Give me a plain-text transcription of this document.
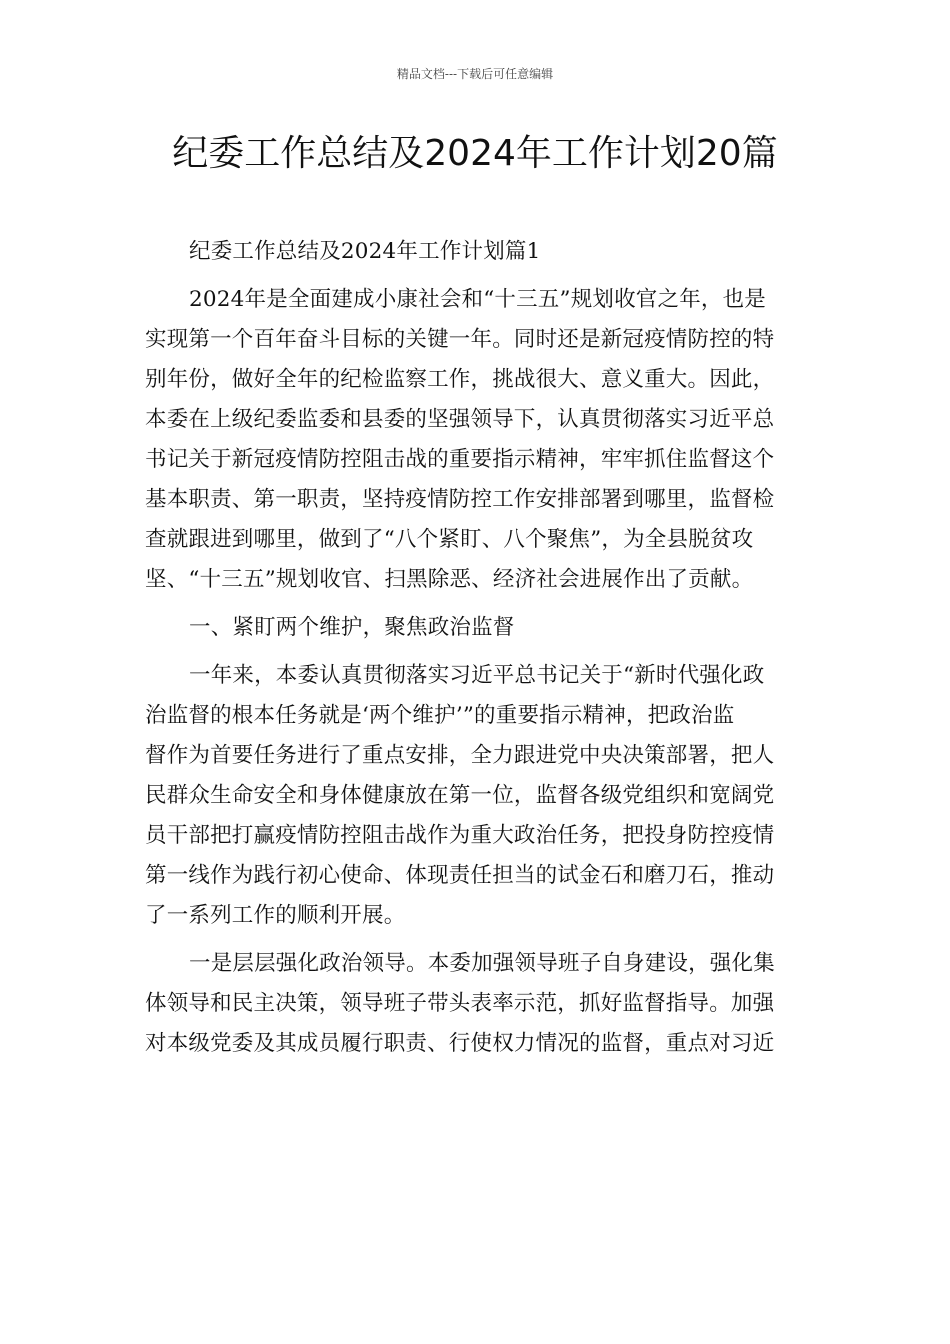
精品文档---下载后可任意编辑
纪委工作总结及2024年工作计划20篇

纪委工作总结及2024年工作计划篇1

2024年是全面建成小康社会和“十三五”规划收官之年，也是
实现第一个百年奋斗目标的关键一年。同时还是新冠疫情防控的特
别年份，做好全年的纪检监察工作，挑战很大、意义重大。因此，
本委在上级纪委监委和县委的坚强领导下，认真贯彻落实习近平总
书记关于新冠疫情防控阻击战的重要指示精神，牢牢抓住监督这个
基本职责、第一职责，坚持疫情防控工作安排部署到哪里，监督检
查就跟进到哪里，做到了“八个紧盯、八个聚焦”，为全县脱贫攻
坚、“十三五”规划收官、扫黑除恶、经济社会进展作出了贡献。

一、紧盯两个维护，聚焦政治监督

一年来，本委认真贯彻落实习近平总书记关于“新时代强化政
治监督的根本任务就是‘两个维护’”的重要指示精神，把政治监
督作为首要任务进行了重点安排，全力跟进党中央决策部署，把人
民群众生命安全和身体健康放在第一位，监督各级党组织和宽阔党
员干部把打赢疫情防控阻击战作为重大政治任务，把投身防控疫情
第一线作为践行初心使命、体现责任担当的试金石和磨刀石，推动
了一系列工作的顺利开展。

一是层层强化政治领导。本委加强领导班子自身建设，强化集
体领导和民主决策，领导班子带头表率示范，抓好监督指导。加强
对本级党委及其成员履行职责、行使权力情况的监督，重点对习近
